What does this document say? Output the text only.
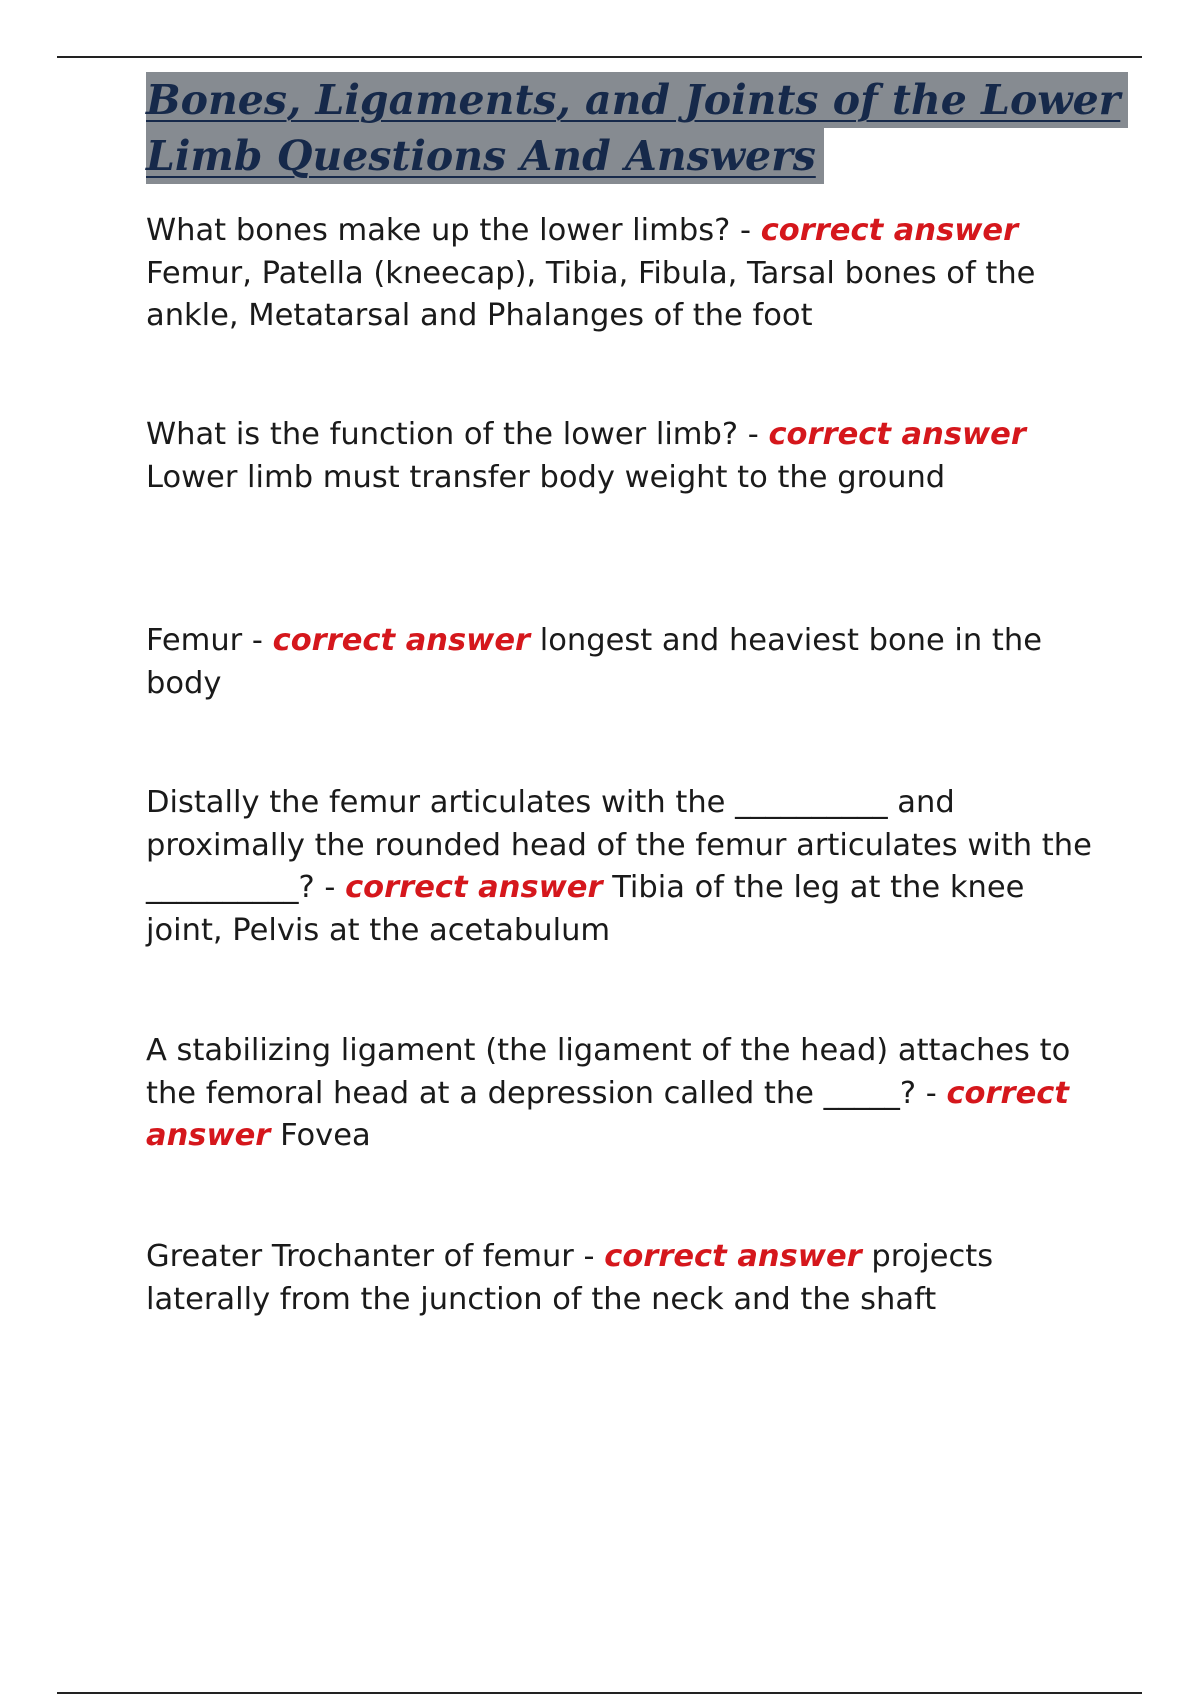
Bones, Ligaments, and Joints of the Lower
Limb Questions And Answers

What bones make up the lower limbs? - correct answer Femur, Patella (kneecap), Tibia, Fibula, Tarsal bones of the ankle, Metatarsal and Phalanges of the foot

What is the function of the lower limb? - correct answer Lower limb must transfer body weight to the ground

Femur - correct answer longest and heaviest bone in the body

Distally the femur articulates with the __________ and proximally the rounded head of the femur articulates with the __________? - correct answer Tibia of the leg at the knee joint, Pelvis at the acetabulum

A stabilizing ligament (the ligament of the head) attaches to the femoral head at a depression called the _____? - correct answer Fovea

Greater Trochanter of femur - correct answer projects laterally from the junction of the neck and the shaft
